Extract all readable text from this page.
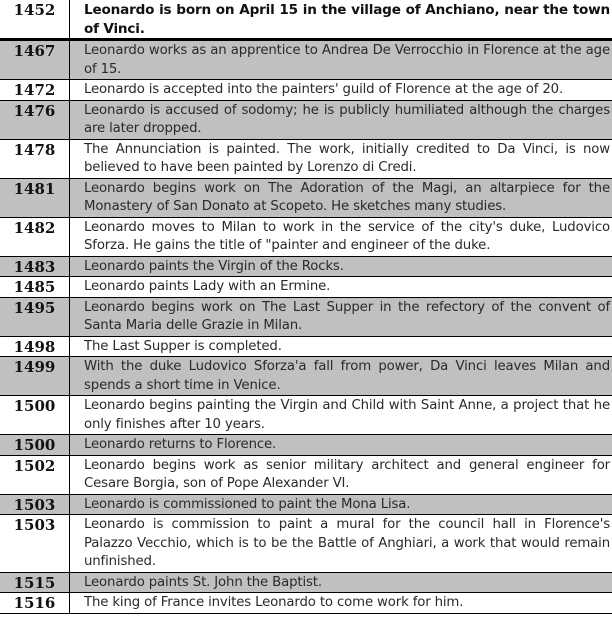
1452	Leonardo is born on April 15 in the village of Anchiano, near the town of Vinci.
1467	Leonardo works as an apprentice to Andrea De Verrocchio in Florence at the age of 15.
1472	Leonardo is accepted into the painters' guild of Florence at the age of 20.
1476	Leonardo is accused of sodomy; he is publicly humiliated although the charges are later dropped.
1478	The Annunciation is painted. The work, initially credited to Da Vinci, is now believed to have been painted by Lorenzo di Credi.
1481	Leonardo begins work on The Adoration of the Magi, an altarpiece for the Monastery of San Donato at Scopeto. He sketches many studies.
1482	Leonardo moves to Milan to work in the service of the city's duke, Ludovico Sforza. He gains the title of "painter and engineer of the duke.
1483	Leonardo paints the Virgin of the Rocks.
1485	Leonardo paints Lady with an Ermine.
1495	Leonardo begins work on The Last Supper in the refectory of the convent of Santa Maria delle Grazie in Milan.
1498	The Last Supper is completed.
1499	With the duke Ludovico Sforza'a fall from power, Da Vinci leaves Milan and spends a short time in Venice.
1500	Leonardo begins painting the Virgin and Child with Saint Anne, a project that he only finishes after 10 years.
1500	Leonardo returns to Florence.
1502	Leonardo begins work as senior military architect and general engineer for Cesare Borgia, son of Pope Alexander VI.
1503	Leonardo is commissioned to paint the Mona Lisa.
1503	Leonardo is commission to paint a mural for the council hall in Florence's Palazzo Vecchio, which is to be the Battle of Anghiari, a work that would remain unfinished.
1515	Leonardo paints St. John the Baptist.
1516	The king of France invites Leonardo to come work for him.
